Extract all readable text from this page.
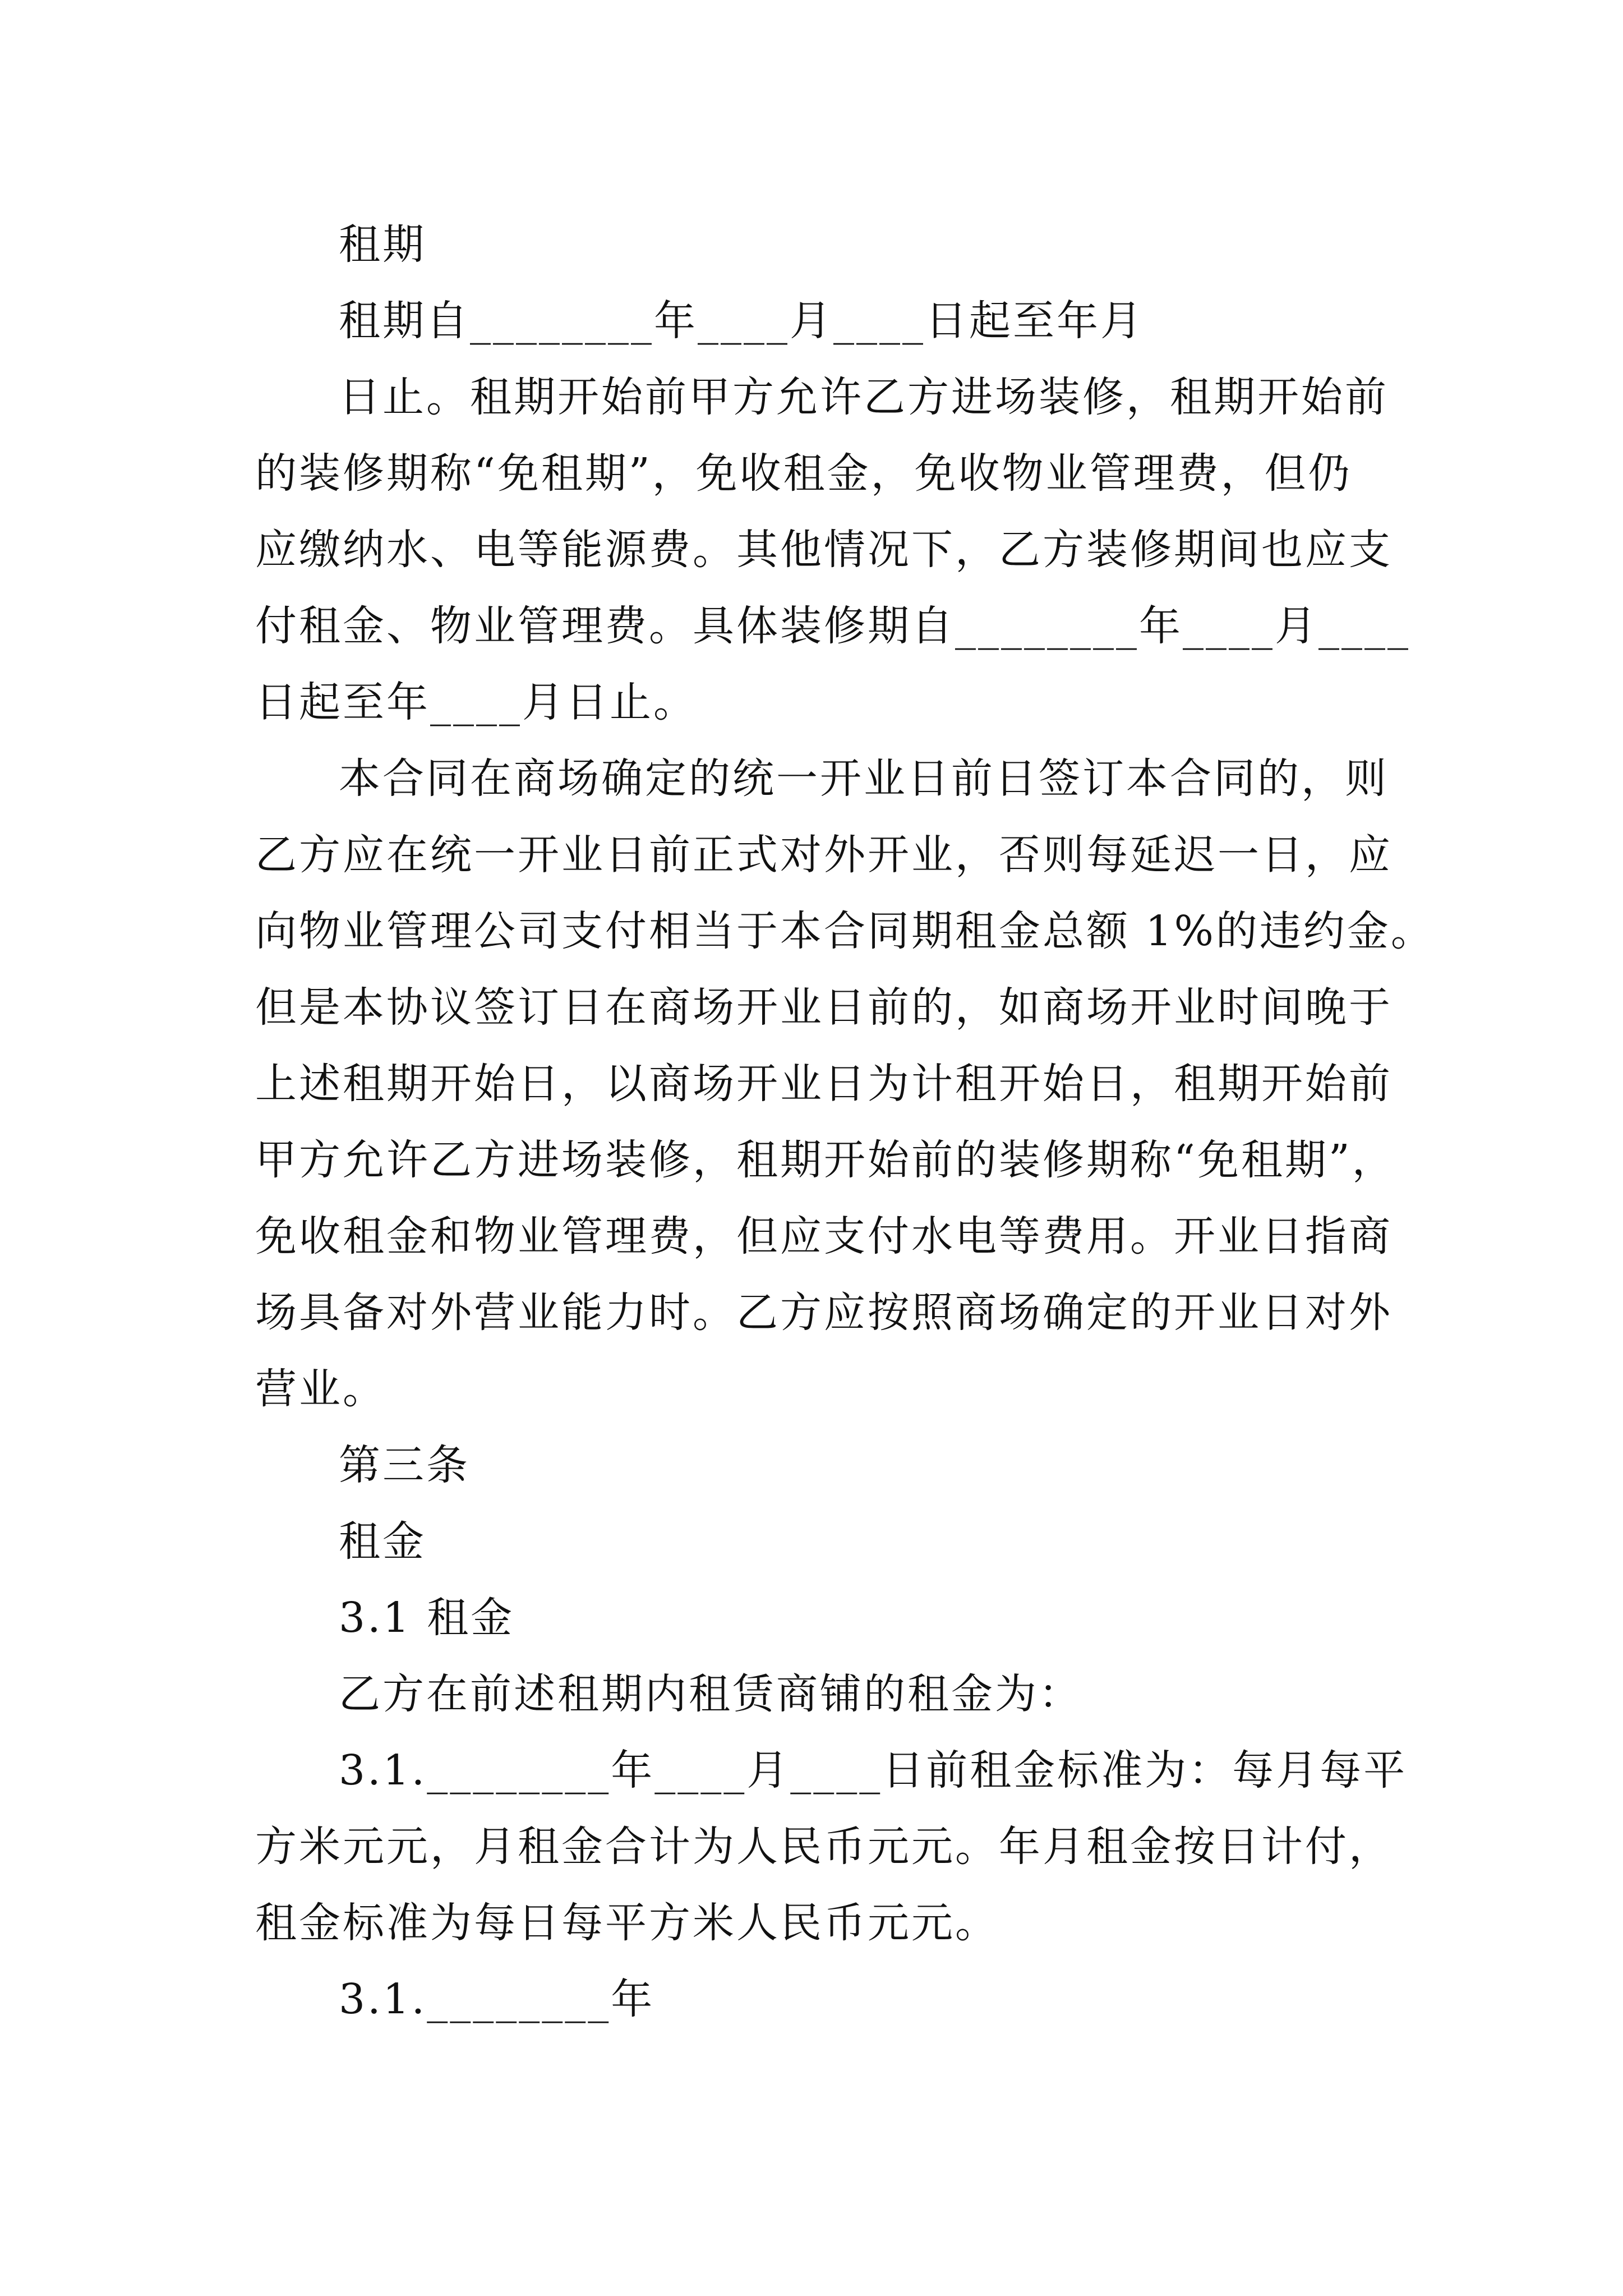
租期
租期自________年____月____日起至年月
日止。租期开始前甲方允许乙方进场装修，租期开始前
的装修期称“免租期”，免收租金，免收物业管理费，但仍
应缴纳水、电等能源费。其他情况下，乙方装修期间也应支
付租金、物业管理费。具体装修期自________年____月____
日起至年____月日止。
本合同在商场确定的统一开业日前日签订本合同的，则
乙方应在统一开业日前正式对外开业，否则每延迟一日，应
向物业管理公司支付相当于本合同期租金总额 1%的违约金。
但是本协议签订日在商场开业日前的，如商场开业时间晚于
上述租期开始日，以商场开业日为计租开始日，租期开始前
甲方允许乙方进场装修，租期开始前的装修期称“免租期”，
免收租金和物业管理费，但应支付水电等费用。开业日指商
场具备对外营业能力时。乙方应按照商场确定的开业日对外
营业。
第三条
租金
3.1 租金
乙方在前述租期内租赁商铺的租金为：
3.1.________年____月____日前租金标准为：每月每平
方米元元，月租金合计为人民币元元。年月租金按日计付，
租金标准为每日每平方米人民币元元。
3.1.________年
